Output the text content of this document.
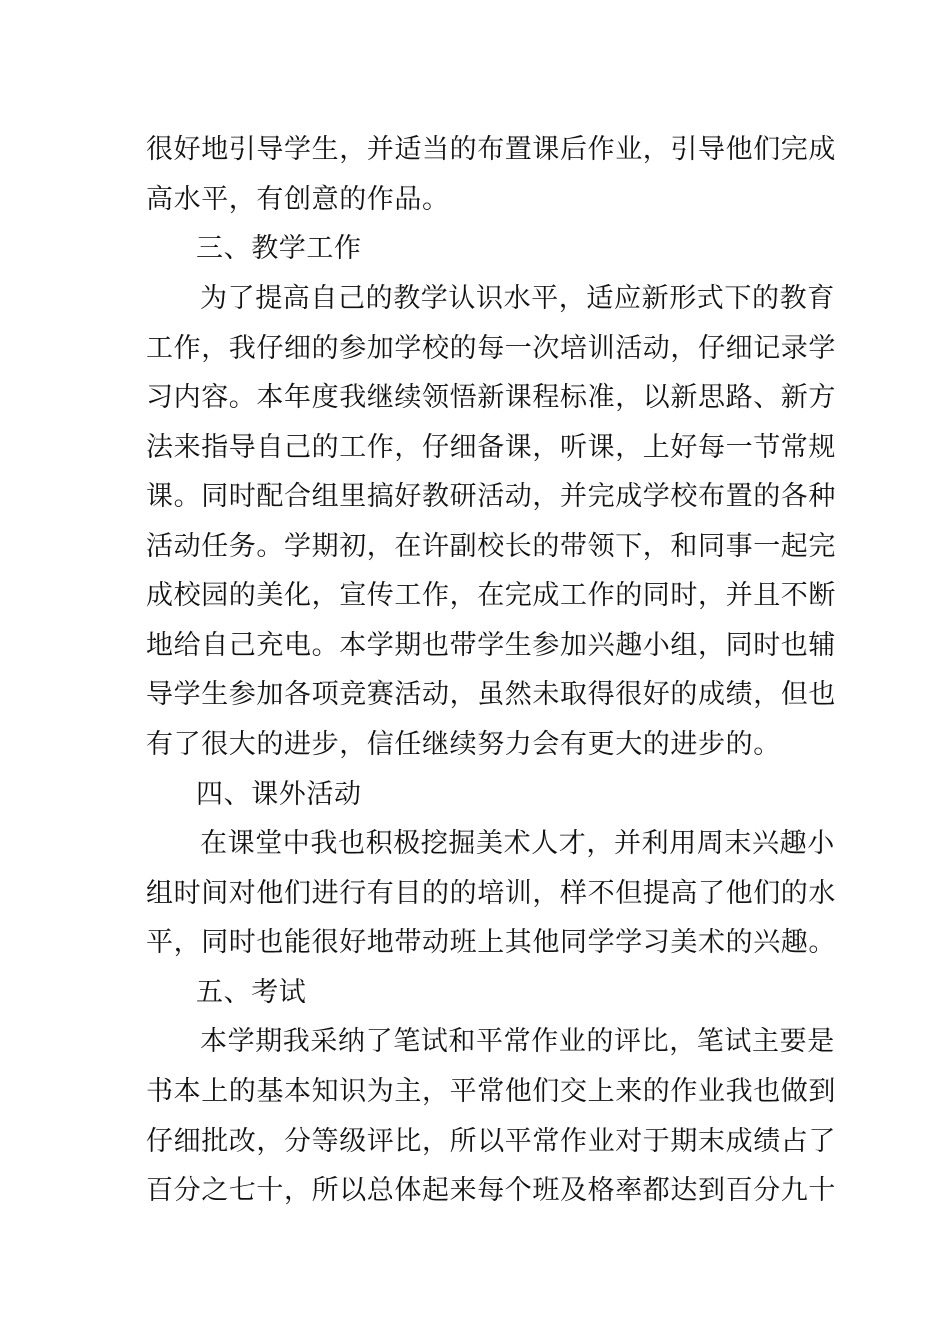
很好地引导学生，并适当的布置课后作业，引导他们完成
高水平，有创意的作品。
三、教学工作
为了提高自己的教学认识水平，适应新形式下的教育
工作，我仔细的参加学校的每一次培训活动，仔细记录学
习内容。本年度我继续领悟新课程标准，以新思路、新方
法来指导自己的工作，仔细备课，听课，上好每一节常规
课。同时配合组里搞好教研活动，并完成学校布置的各种
活动任务。学期初，在许副校长的带领下，和同事一起完
成校园的美化，宣传工作，在完成工作的同时，并且不断
地给自己充电。本学期也带学生参加兴趣小组，同时也辅
导学生参加各项竞赛活动，虽然未取得很好的成绩，但也
有了很大的进步，信任继续努力会有更大的进步的。
四、课外活动
在课堂中我也积极挖掘美术人才，并利用周末兴趣小
组时间对他们进行有目的的培训，样不但提高了他们的水
平，同时也能很好地带动班上其他同学学习美术的兴趣。
五、考试
本学期我采纳了笔试和平常作业的评比，笔试主要是
书本上的基本知识为主，平常他们交上来的作业我也做到
仔细批改，分等级评比，所以平常作业对于期末成绩占了
百分之七十，所以总体起来每个班及格率都达到百分九十
